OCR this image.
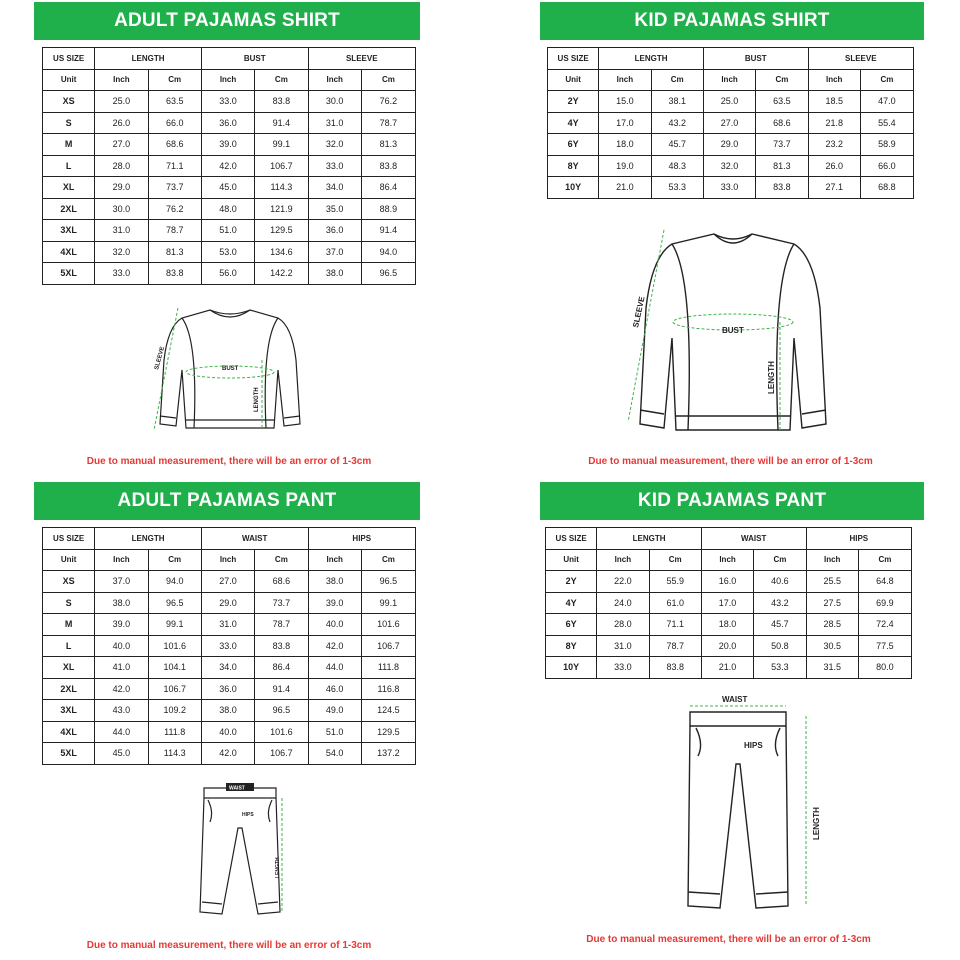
ADULT PAJAMAS SHIRT
US SIZE	LENGTH		BUST		SLEEVE	
Unit	Inch	Cm	Inch	Cm	Inch	Cm
XS	25.0	63.5	33.0	83.8	30.0	76.2
S	26.0	66.0	36.0	91.4	31.0	78.7
M	27.0	68.6	39.0	99.1	32.0	81.3
L	28.0	71.1	42.0	106.7	33.0	83.8
XL	29.0	73.7	45.0	114.3	34.0	86.4
2XL	30.0	76.2	48.0	121.9	35.0	88.9
3XL	31.0	78.7	51.0	129.5	36.0	91.4
4XL	32.0	81.3	53.0	134.6	37.0	94.0
5XL	33.0	83.8	56.0	142.2	38.0	96.5
SLEEVE	BUST
LENGTH
Due to manual measurement, there will be an error of 1-3cm
KID PAJAMAS SHIRT
US SIZE	LENGTH		BUST		SLEEVE	
Unit	Inch	Cm	Inch	Cm	Inch	Cm
2Y	15.0	38.1	25.0	63.5	18.5	47.0
4Y	17.0	43.2	27.0	68.6	21.8	55.4
6Y	18.0	45.7	29.0	73.7	23.2	58.9
8Y	19.0	48.3	32.0	81.3	26.0	66.0
10Y	21.0	53.3	33.0	83.8	27.1	68.8
SLEEVE
BUST
LENGTH
Due to manual measurement, there will be an error of 1-3cm
ADULT PAJAMAS PANT
US SIZE	LENGTH		WAIST		HIPS	
Unit	Inch	Cm	Inch	Cm	Inch	Cm
XS	37.0	94.0	27.0	68.6	38.0	96.5
S	38.0	96.5	29.0	73.7	39.0	99.1
M	39.0	99.1	31.0	78.7	40.0	101.6
L	40.0	101.6	33.0	83.8	42.0	106.7
XL	41.0	104.1	34.0	86.4	44.0	111.8
2XL	42.0	106.7	36.0	91.4	46.0	116.8
3XL	43.0	109.2	38.0	96.5	49.0	124.5
4XL	44.0	111.8	40.0	101.6	51.0	129.5
5XL	45.0	114.3	42.0	106.7	54.0	137.2
WAIST
HIPS
LENGTH
Due to manual measurement, there will be an error of 1-3cm
KID PAJAMAS PANT
US SIZE	LENGTH		WAIST		HIPS	
Unit	Inch	Cm	Inch	Cm	Inch	Cm
2Y	22.0	55.9	16.0	40.6	25.5	64.8
4Y	24.0	61.0	17.0	43.2	27.5	69.9
6Y	28.0	71.1	18.0	45.7	28.5	72.4
8Y	31.0	78.7	20.0	50.8	30.5	77.5
10Y	33.0	83.8	21.0	53.3	31.5	80.0
WAIST
HIPS
LENGTH
Due to manual measurement, there will be an error of 1-3cm
